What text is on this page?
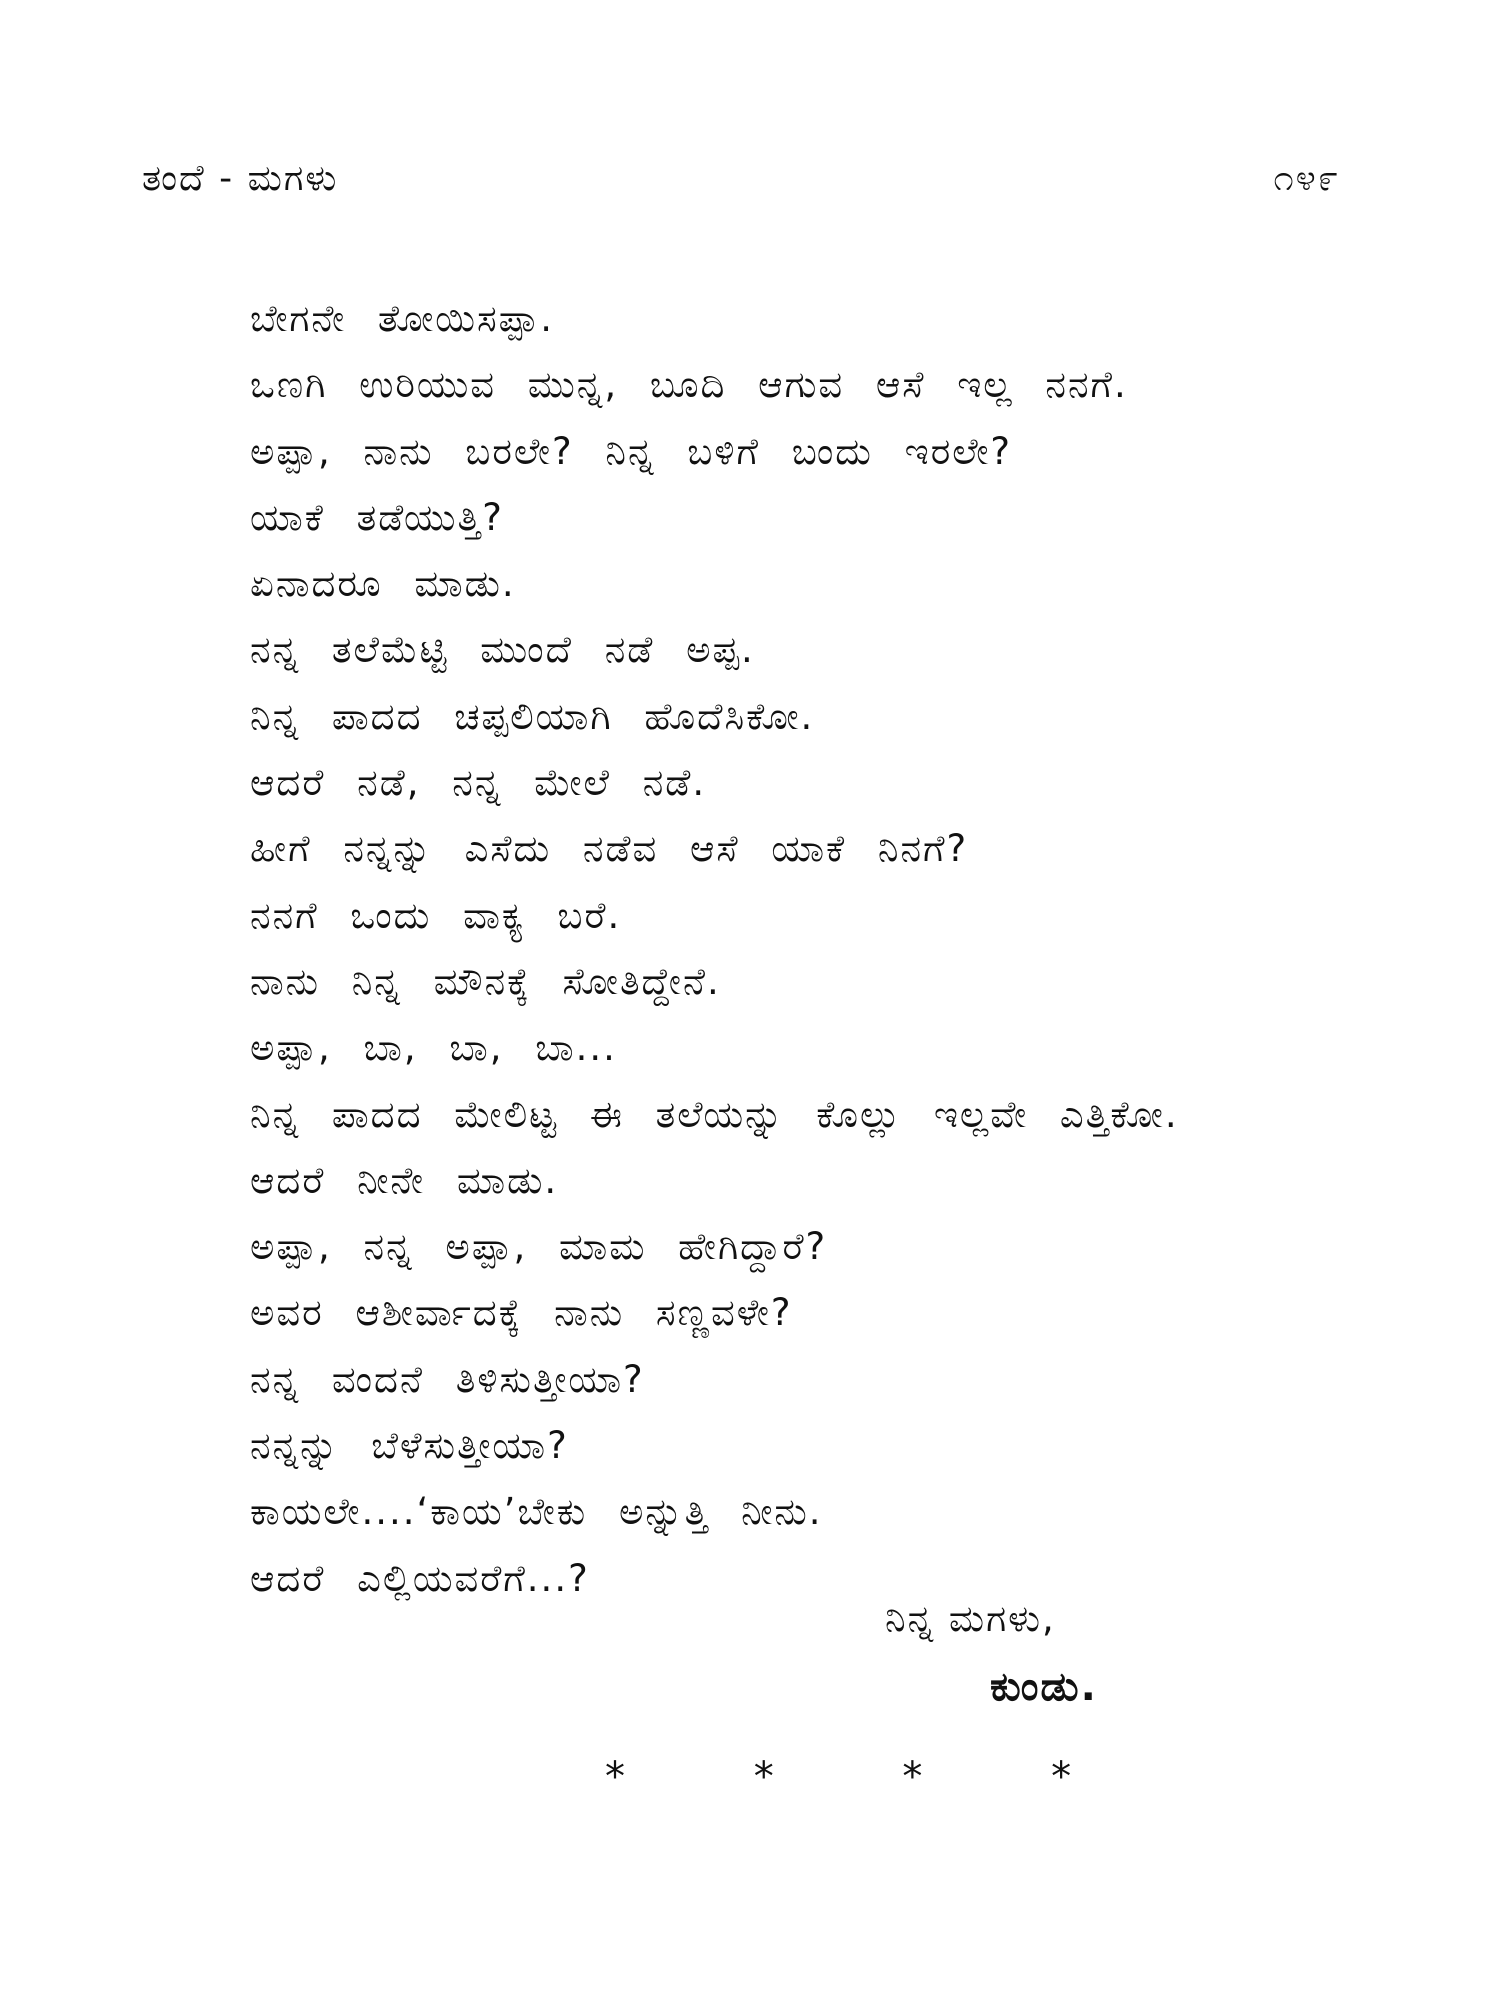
ತಂದೆ - ಮಗಳು	೧೪೯
ಬೇಗನೇ ತೋಯಿಸಪ್ಪಾ.
ಒಣಗಿ ಉರಿಯುವ ಮುನ್ನ, ಬೂದಿ ಆಗುವ ಆಸೆ ಇಲ್ಲ ನನಗೆ.
ಅಪ್ಪಾ, ನಾನು ಬರಲೇ? ನಿನ್ನ ಬಳಿಗೆ ಬಂದು ಇರಲೇ?
ಯಾಕೆ ತಡೆಯುತ್ತಿ?
ಏನಾದರೂ ಮಾಡು.
ನನ್ನ ತಲೆಮೆಟ್ಟಿ ಮುಂದೆ ನಡೆ ಅಪ್ಪ.
ನಿನ್ನ ಪಾದದ ಚಪ್ಪಲಿಯಾಗಿ ಹೊದೆಸಿಕೋ.
ಆದರೆ ನಡೆ, ನನ್ನ ಮೇಲೆ ನಡೆ.
ಹೀಗೆ ನನ್ನನ್ನು ಎಸೆದು ನಡೆವ ಆಸೆ ಯಾಕೆ ನಿನಗೆ?
ನನಗೆ ಒಂದು ವಾಕ್ಯ ಬರೆ.
ನಾನು ನಿನ್ನ ಮೌನಕ್ಕೆ ಸೋತಿದ್ದೇನೆ.
ಅಪ್ಪಾ, ಬಾ, ಬಾ, ಬಾ...
ನಿನ್ನ ಪಾದದ ಮೇಲಿಟ್ಟ ಈ ತಲೆಯನ್ನು ಕೊಲ್ಲು ಇಲ್ಲವೇ ಎತ್ತಿಕೋ.
ಆದರೆ ನೀನೇ ಮಾಡು.
ಅಪ್ಪಾ, ನನ್ನ ಅಪ್ಪಾ, ಮಾಮ ಹೇಗಿದ್ದಾರೆ?
ಅವರ ಆಶೀರ್ವಾದಕ್ಕೆ ನಾನು ಸಣ್ಣವಳೇ?
ನನ್ನ ವಂದನೆ ತಿಳಿಸುತ್ತೀಯಾ?
ನನ್ನನ್ನು ಬೆಳೆಸುತ್ತೀಯಾ?
ಕಾಯಲೇ....‘ಕಾಯ’ಬೇಕು ಅನ್ನುತ್ತಿ ನೀನು.
ಆದರೆ ಎಲ್ಲಿಯವರೆಗೆ...?
ನಿನ್ನ ಮಗಳು,
ಕುಂಡು.
* * * *
